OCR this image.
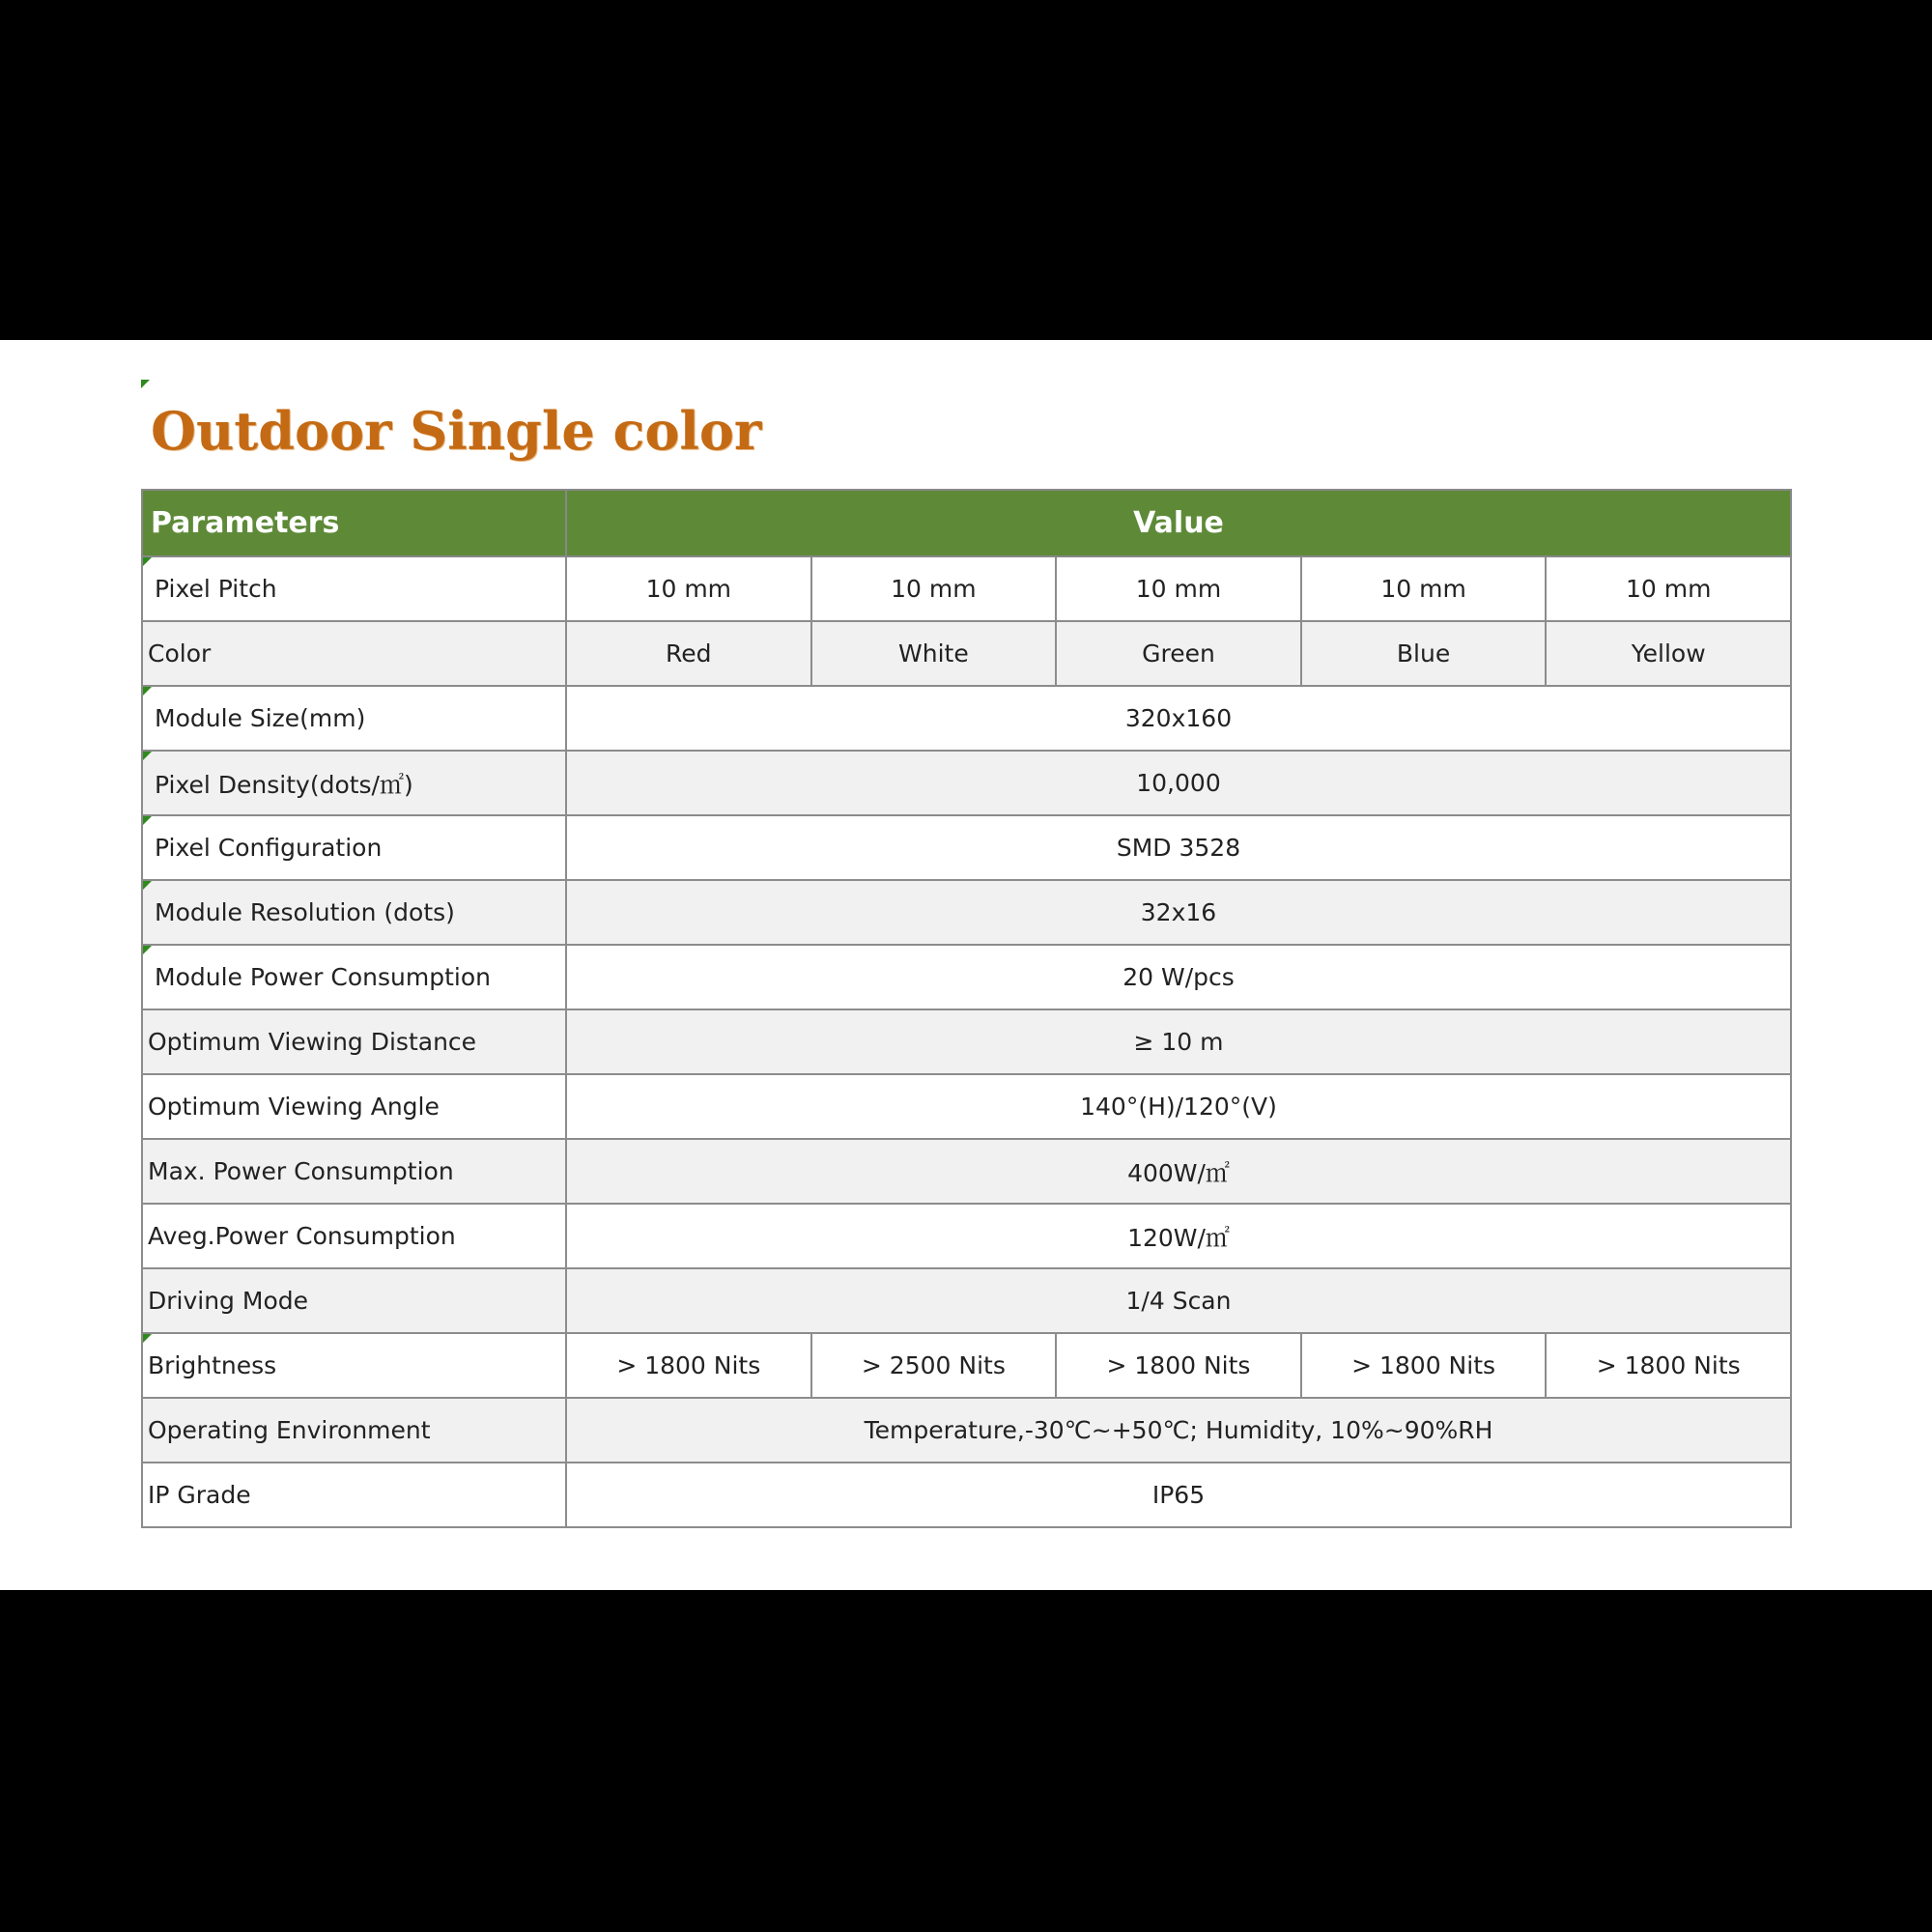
Outdoor Single color
Parameters	Value				

Pixel Pitch	10 mm	10 mm	10 mm	10 mm	10 mm
Color	Red	White	Green	Blue	Yellow

Module Size(mm)	320x160				

Pixel Density(dots/㎡)	10,000				

Pixel Configuration	SMD 3528				

Module Resolution (dots)	32x16				

Module Power Consumption	20 W/pcs				
Optimum Viewing Distance	≥ 10 m				
Optimum Viewing Angle	140°(H)/120°(V)				
Max. Power Consumption	400W/㎡				
Aveg.Power Consumption	120W/㎡				
Driving Mode	1/4 Scan				

Brightness	> 1800 Nits	> 2500 Nits	> 1800 Nits	> 1800 Nits	> 1800 Nits
Operating Environment	Temperature,-30℃~+50℃; Humidity, 10%~90%RH				
IP Grade	IP65				
